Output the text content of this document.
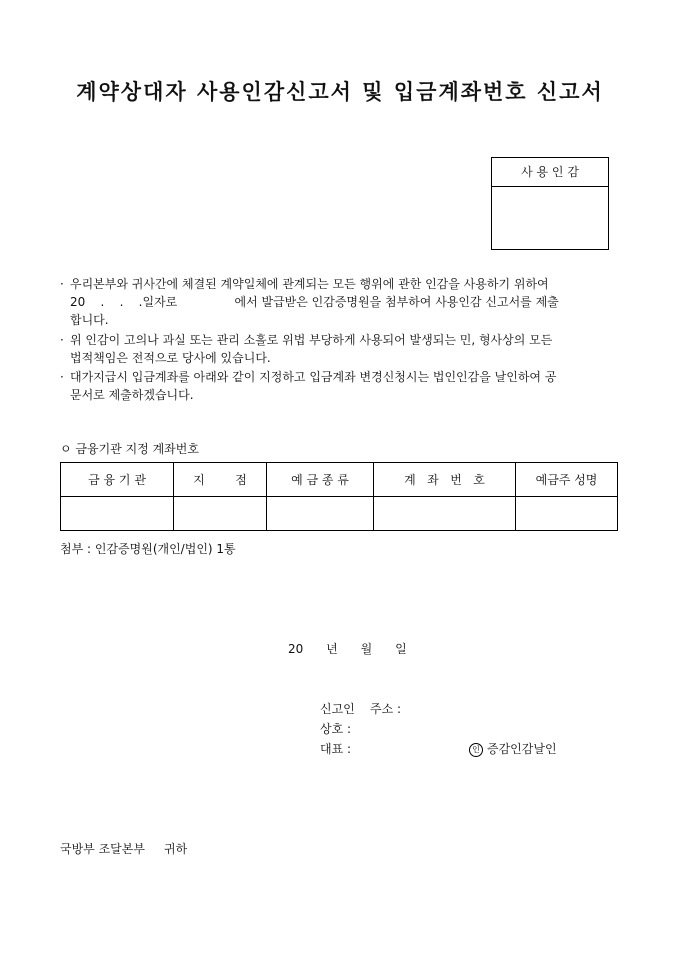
계약상대자 사용인감신고서 및 입금계좌번호 신고서
사 용 인 감
· 우리본부와 귀사간에 체결된 계약일체에 관계되는 모든 행위에 관한 인감을 사용하기 위하여
20    .    .    .일자로               에서 발급받은 인감증명원을 첨부하여 사용인감 신고서를 제출
합니다.
· 위 인감이 고의나 과실 또는 관리 소홀로 위법 부당하게 사용되어 발생되는 민, 형사상의 모든
법적책임은 전적으로 당사에 있습니다.
· 대가지급시 입금계좌를 아래와 같이 지정하고 입금계좌 변경신청시는 법인인감을 날인하여 공
문서로 제출하겠습니다.
ㅇ 금융기관 지정 계좌번호
금 융 기 관	지        점	예 금 종 류	계   좌   번   호	예금주 성명

첨부 : 인감증명원(개인/법인) 1통
20      년      월      일
신고인    주소 :
상호 :
대표 :	인 증감인감날인
국방부 조달본부     귀하
